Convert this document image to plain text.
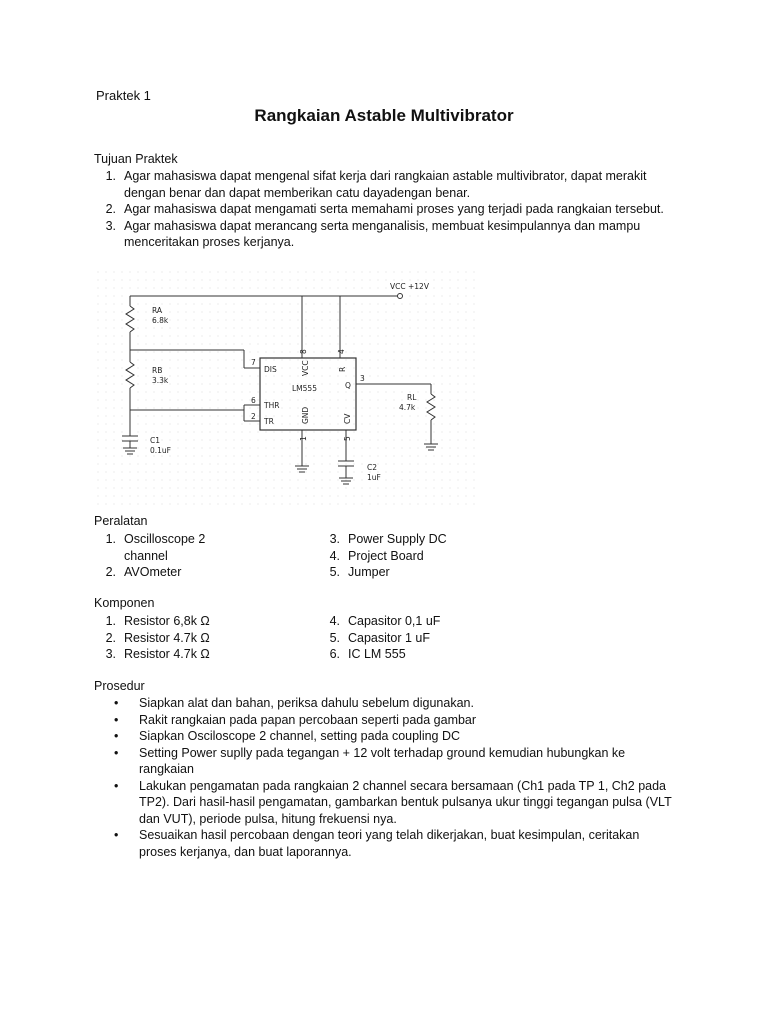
Praktek 1
Rangkaian Astable Multivibrator
Tujuan Praktek
1. Agar mahasiswa dapat mengenal sifat kerja dari rangkaian astable multivibrator, dapat merakit dengan benar dan dapat memberikan catu dayadengan benar.
2. Agar mahasiswa dapat mengamati serta memahami proses yang terjadi pada rangkaian tersebut.
3. Agar mahasiswa dapat merancang serta menganalisis, membuat kesimpulannya dan mampu menceritakan proses kerjanya.
VCC +12V
RA
6.8k
RB
3.3k
C1
0.1uF
C2
1uF
RL
4.7k
LM555
DIS
THR
TR
VCC	R
Q
GND	CV
7
6
2
8	4
3
1	5
Peralatan
1. Oscilloscope 2 channel
2. AVOmeter
3. Power Supply DC
4. Project Board
5. Jumper
Komponen
1. Resistor 6,8k Ω
2. Resistor 4.7k Ω
3. Resistor 4.7k Ω
4. Capasitor 0,1 uF
5. Capasitor 1 uF
6. IC LM 555
Prosedur
• Siapkan alat dan bahan, periksa dahulu sebelum digunakan.
• Rakit rangkaian pada papan percobaan seperti pada gambar
• Siapkan Osciloscope 2 channel, setting pada coupling DC
• Setting Power suplly pada tegangan + 12 volt terhadap ground kemudian hubungkan ke rangkaian
• Lakukan pengamatan pada rangkaian 2 channel secara bersamaan (Ch1 pada TP 1, Ch2 pada TP2). Dari hasil-hasil pengamatan, gambarkan bentuk pulsanya ukur tinggi tegangan pulsa (VLT dan VUT), periode pulsa, hitung frekuensi nya.
• Sesuaikan hasil percobaan dengan teori yang telah dikerjakan, buat kesimpulan, ceritakan proses kerjanya, dan buat laporannya.
